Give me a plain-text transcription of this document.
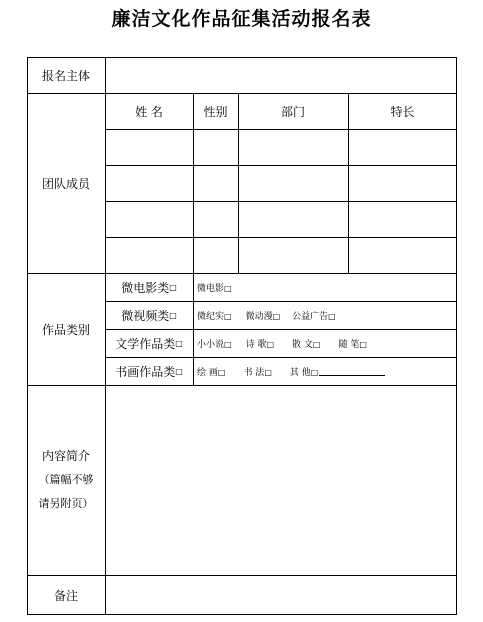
廉洁文化作品征集活动报名表
报名主体
团队成员
姓 名	性别	部门	特长
作品类别
微电影类 □ 微电影□
微视频类 □ 微纪实□ 微动漫□ 公益广告□
文学作品类 □ 小小说□ 诗 歌□ 散 文□ 随 笔□
书画作品类 □ 绘 画□ 书 法□ 其 他□
内容简介
（篇幅不够
请另附页）
备注
